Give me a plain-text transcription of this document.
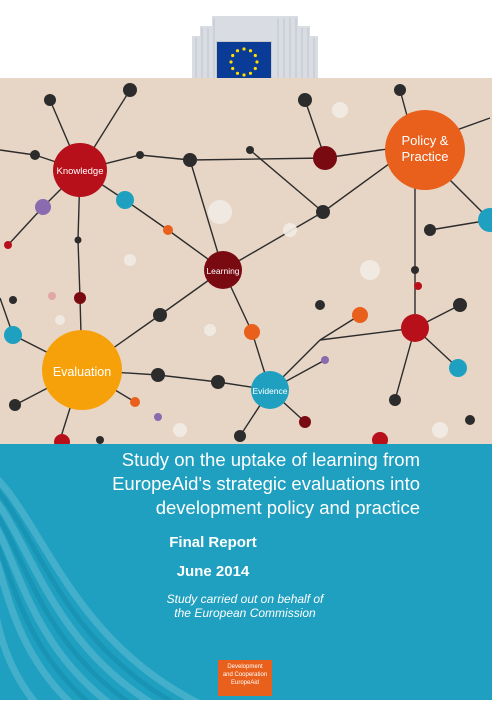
Knowledge
Policy & Practice
Learning
Evaluation
Evidence
Study on the uptake of learning from
EuropeAid's strategic evaluations into
development policy and practice
Final Report
June 2014
Study carried out on behalf of
the European Commission
Development
and Cooperation
EuropeAid
